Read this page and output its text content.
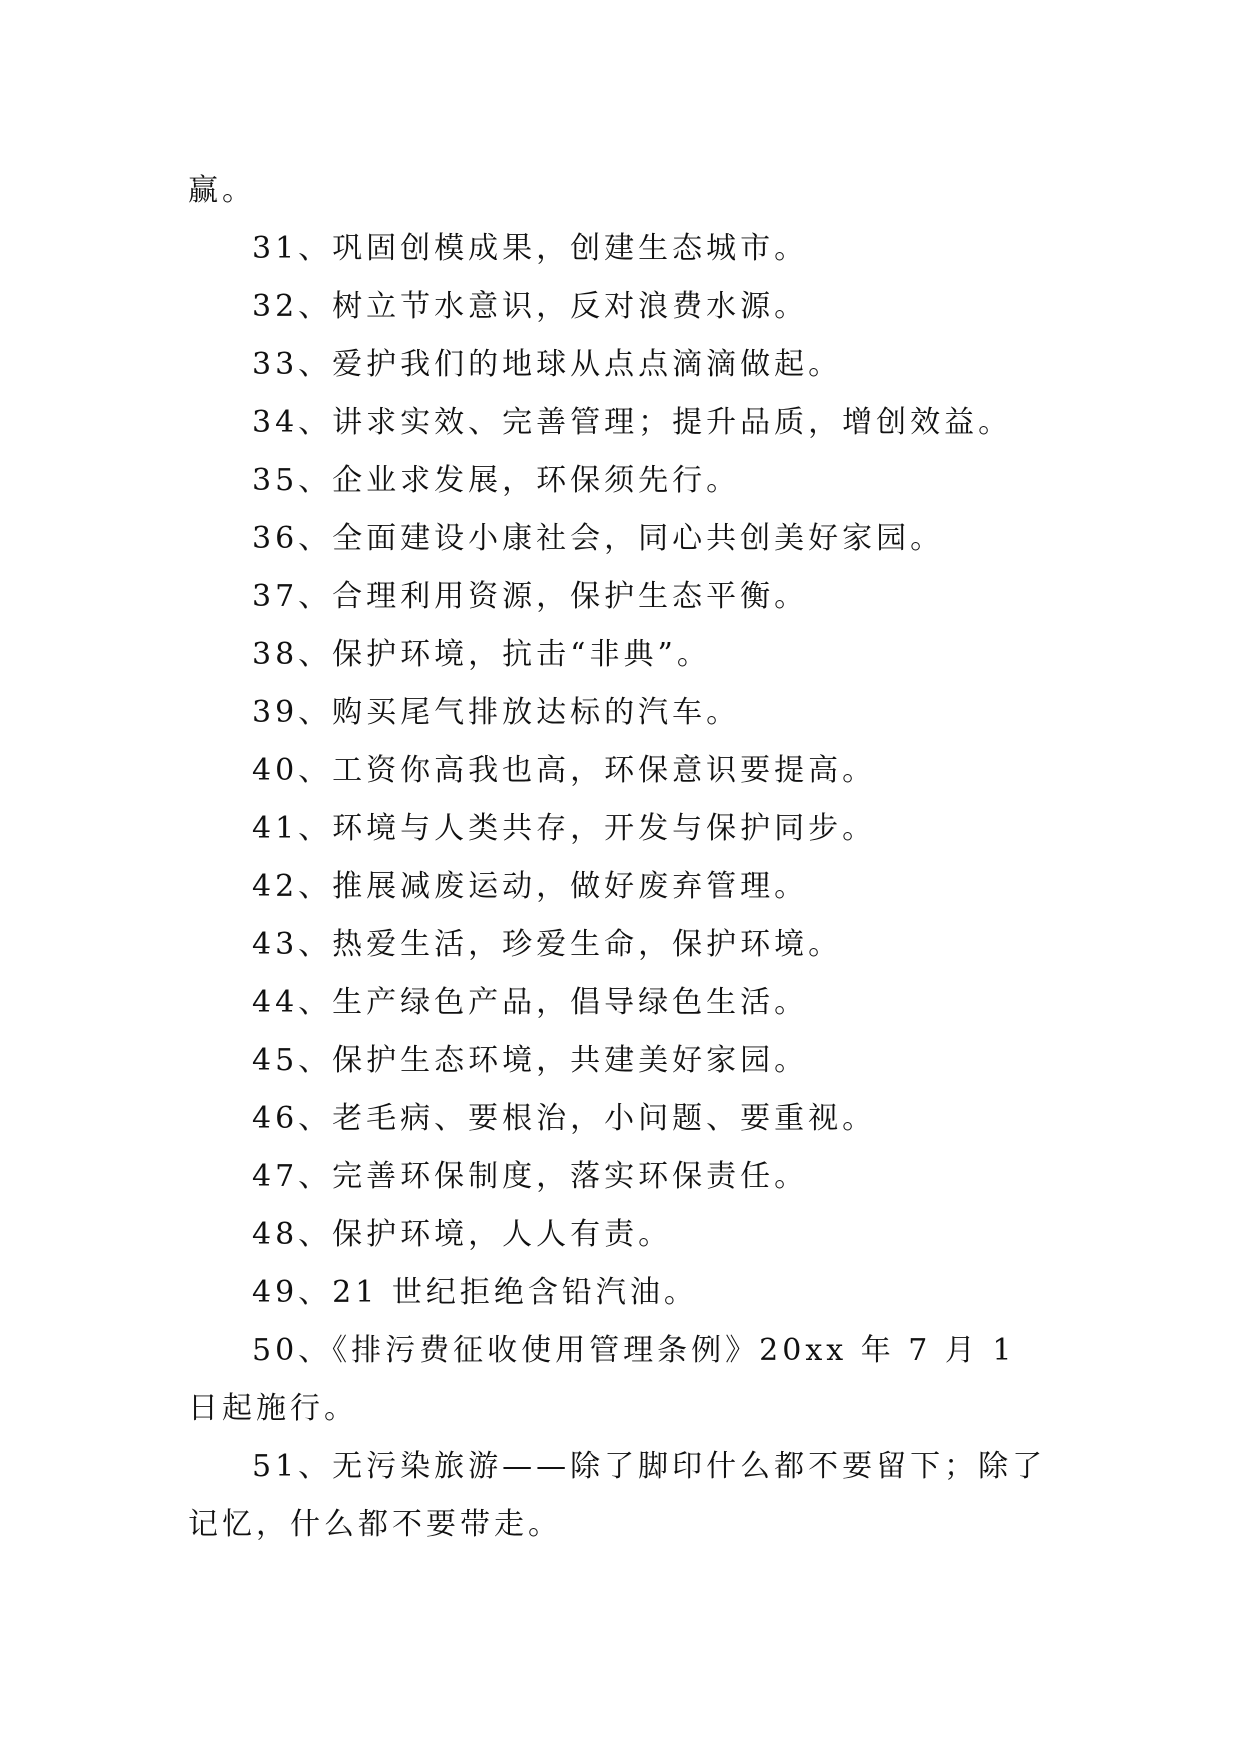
赢。

31、巩固创模成果，创建生态城市。

32、树立节水意识，反对浪费水源。

33、爱护我们的地球从点点滴滴做起。

34、讲求实效、完善管理；提升品质，增创效益。

35、企业求发展，环保须先行。

36、全面建设小康社会，同心共创美好家园。

37、合理利用资源，保护生态平衡。

38、保护环境，抗击“非典”。

39、购买尾气排放达标的汽车。

40、工资你高我也高，环保意识要提高。

41、环境与人类共存，开发与保护同步。

42、推展减废运动，做好废弃管理。

43、热爱生活，珍爱生命，保护环境。

44、生产绿色产品，倡导绿色生活。

45、保护生态环境，共建美好家园。

46、老毛病、要根治，小问题、要重视。

47、完善环保制度，落实环保责任。

48、保护环境，人人有责。

49、21 世纪拒绝含铅汽油。

50、《排污费征收使用管理条例》20xx 年 7 月 1 日起施行。

51、无污染旅游——除了脚印什么都不要留下；除了记忆，什么都不要带走。
